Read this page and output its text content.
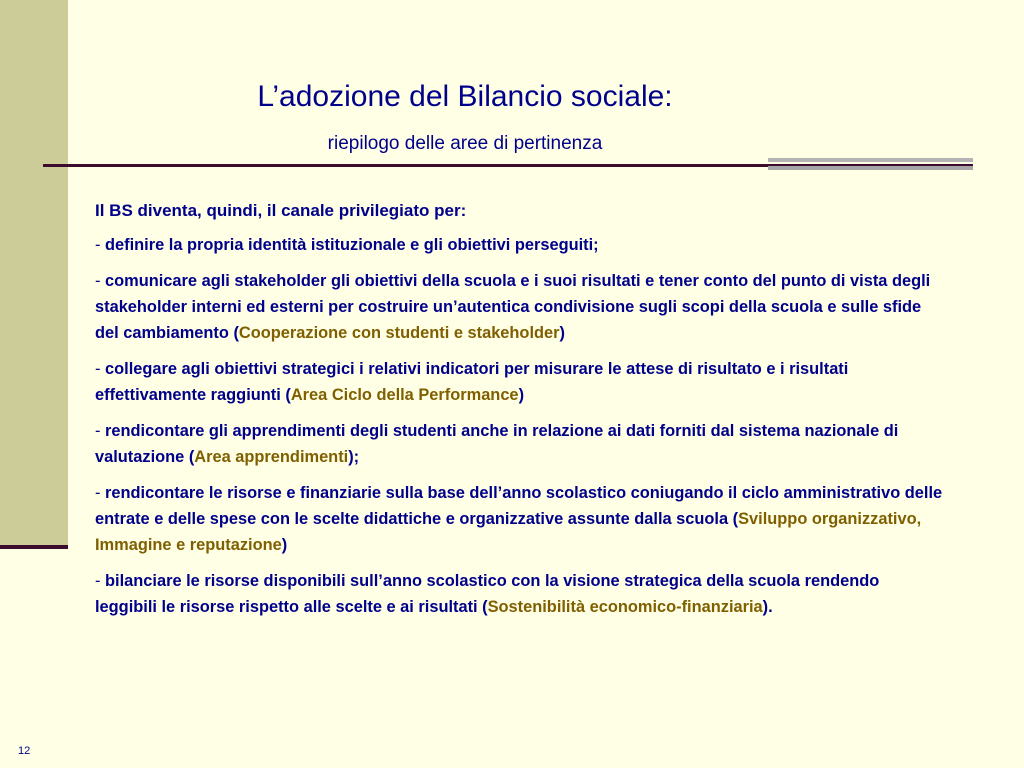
L’adozione del Bilancio sociale:
riepilogo delle aree di pertinenza

Il BS diventa, quindi, il canale privilegiato per:

- definire la propria identità istituzionale e gli obiettivi perseguiti;

- comunicare agli stakeholder gli obiettivi della scuola e i suoi risultati e tener conto del punto di vista degli stakeholder interni ed esterni per costruire un’autentica condivisione sugli scopi della scuola e sulle sfide del cambiamento (Cooperazione con studenti e stakeholder)

- collegare agli obiettivi strategici i relativi indicatori per misurare le attese di risultato e i risultati effettivamente raggiunti (Area Ciclo della Performance)

- rendicontare gli apprendimenti degli studenti anche in relazione ai dati forniti dal sistema nazionale di valutazione (Area apprendimenti);

- rendicontare le risorse e finanziarie sulla base dell’anno scolastico coniugando il ciclo amministrativo delle entrate e delle spese con le scelte didattiche e organizzative assunte dalla scuola (Sviluppo organizzativo, Immagine e reputazione)

- bilanciare le risorse disponibili sull’anno scolastico con la visione strategica della scuola rendendo leggibili le risorse rispetto alle scelte e ai risultati (Sostenibilità economico-finanziaria).

12
